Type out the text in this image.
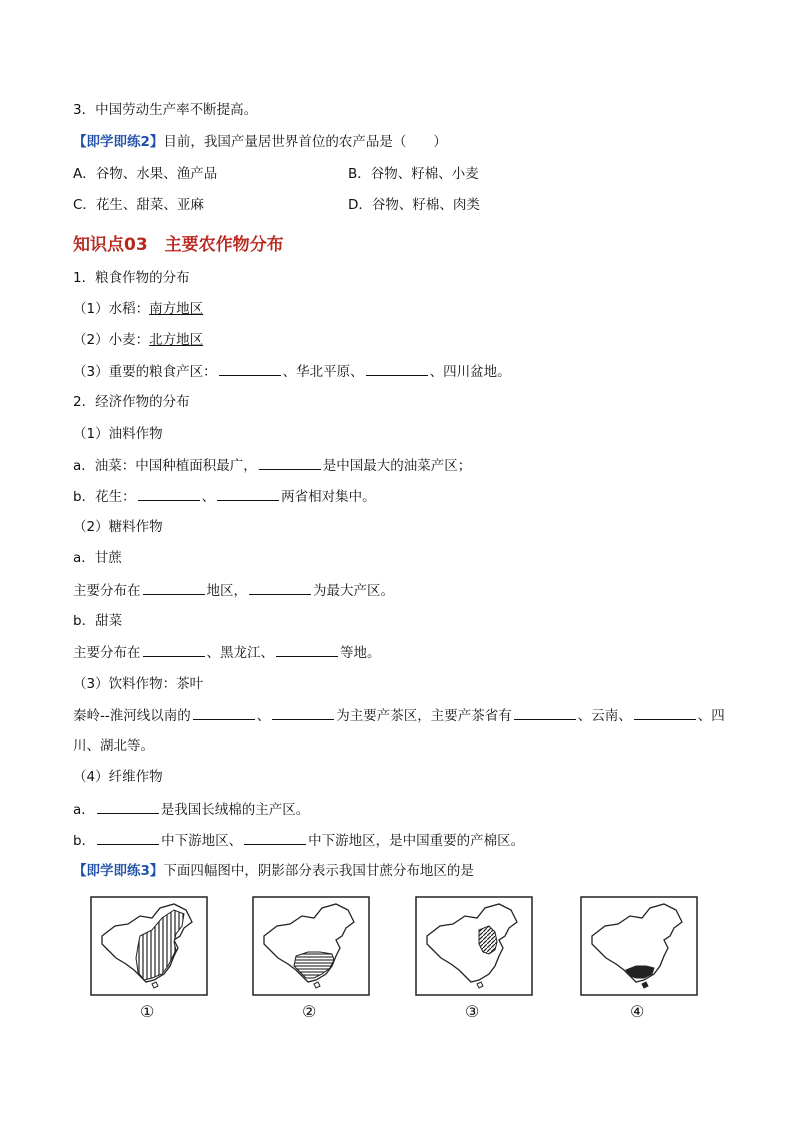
3．中国劳动生产率不断提高。
【即学即练2】目前，我国产量居世界首位的农产品是（　　）
A．谷物、水果、渔产品	B．谷物、籽棉、小麦
C．花生、甜菜、亚麻	D．谷物、籽棉、肉类
知识点03　主要农作物分布
1．粮食作物的分布
（1）水稻：南方地区
（2）小麦：北方地区
（3）重要的粮食产区：	、华北平原、	、四川盆地。
2．经济作物的分布
（1）油料作物
a．油菜：中国种植面积最广，	是中国最大的油菜产区；
b．花生：	、	两省相对集中。
（2）糖料作物
a．甘蔗
主要分布在	地区，	为最大产区。
b．甜菜
主要分布在	、黑龙江、	等地。
（3）饮料作物：茶叶
秦岭--淮河线以南的	、	为主要产茶区，主要产茶省有	、云南、	、四
川、湖北等。
（4）纤维作物
a．	是我国长绒棉的主产区。
b．	中下游地区、	中下游地区，是中国重要的产棉区。
【即学即练3】下面四幅图中，阴影部分表示我国甘蔗分布地区的是
①	②	③	④
